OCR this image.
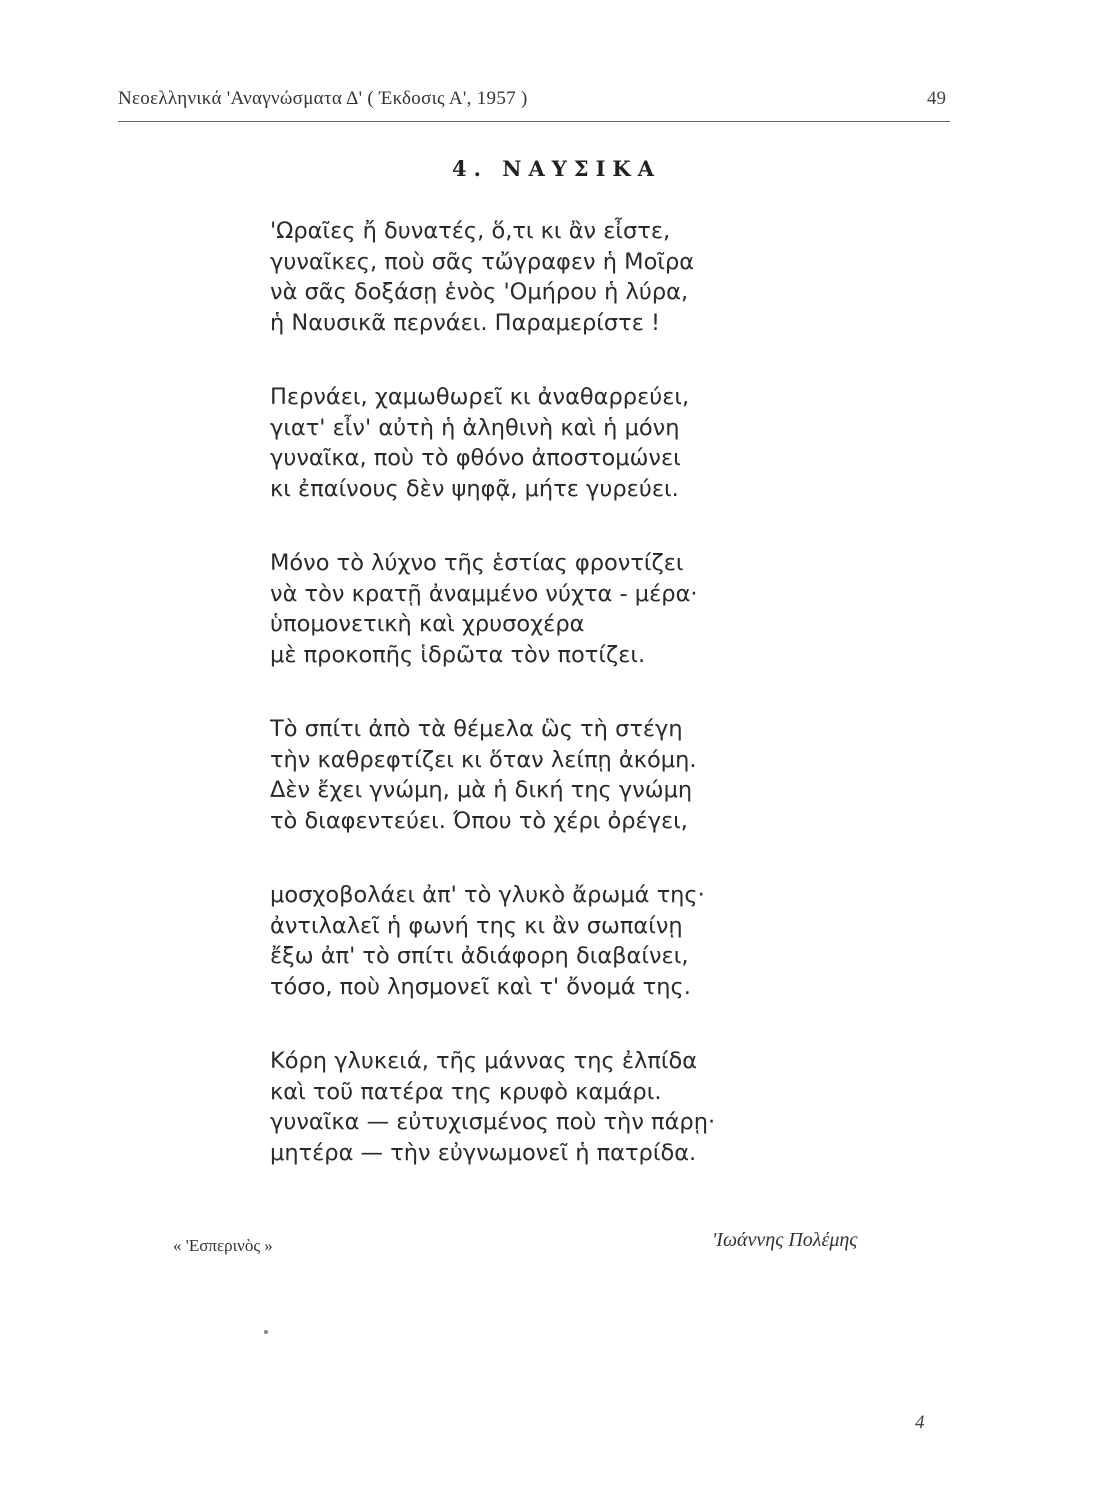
Νεοελληνικά 'Αναγνώσματα Δ' ( Έκδοσις Α', 1957 )	49
4. ΝΑΥΣΙΚΑ
'Ωραῖες ἤ δυνατές, ὅ,τι κι ἂν εἶστε,
γυναῖκες, ποὺ σᾶς τὤγραφεν ἡ Μοῖρα
νὰ σᾶς δοξάσῃ ἑνὸς 'Ομήρου ἡ λύρα,
ἡ Ναυσικᾶ περνάει. Παραμερίστε !
Περνάει, χαμωθωρεῖ κι ἀναθαρρεύει,
γιατ' εἶν' αὐτὴ ἡ ἀληθινὴ καὶ ἡ μόνη
γυναῖκα, ποὺ τὸ φθόνο ἀποστομώνει
κι ἐπαίνους δὲν ψηφᾷ, μήτε γυρεύει.
Μόνο τὸ λύχνο τῆς ἑστίας φροντίζει
νὰ τὸν κρατῇ ἀναμμένο νύχτα - μέρα·
ὑπομονετικὴ καὶ χρυσοχέρα
μὲ προκοπῆς ἱδρῶτα τὸν ποτίζει.
Τὸ σπίτι ἀπὸ τὰ θέμελα ὣς τὴ στέγη
τὴν καθρεφτίζει κι ὅταν λείπῃ ἀκόμη.
Δὲν ἔχει γνώμη, μὰ ἡ δική της γνώμη
τὸ διαφεντεύει. Όπου τὸ χέρι ὀρέγει,
μοσχοβολάει ἀπ' τὸ γλυκὸ ἄρωμά της·
ἀντιλαλεῖ ἡ φωνή της κι ἂν σωπαίνῃ
ἔξω ἀπ' τὸ σπίτι ἀδιάφορη διαβαίνει,
τόσο, ποὺ λησμονεῖ καὶ τ' ὄνομά της.
Κόρη γλυκειά, τῆς μάννας της ἐλπίδα
καὶ τοῦ πατέρα της κρυφὸ καμάρι.
γυναῖκα — εὐτυχισμένος ποὺ τὴν πάρῃ·
μητέρα — τὴν εὐγνωμονεῖ ἡ πατρίδα.
« 'Εσπερινὸς »	'Ιωάννης Πολέμης
4
